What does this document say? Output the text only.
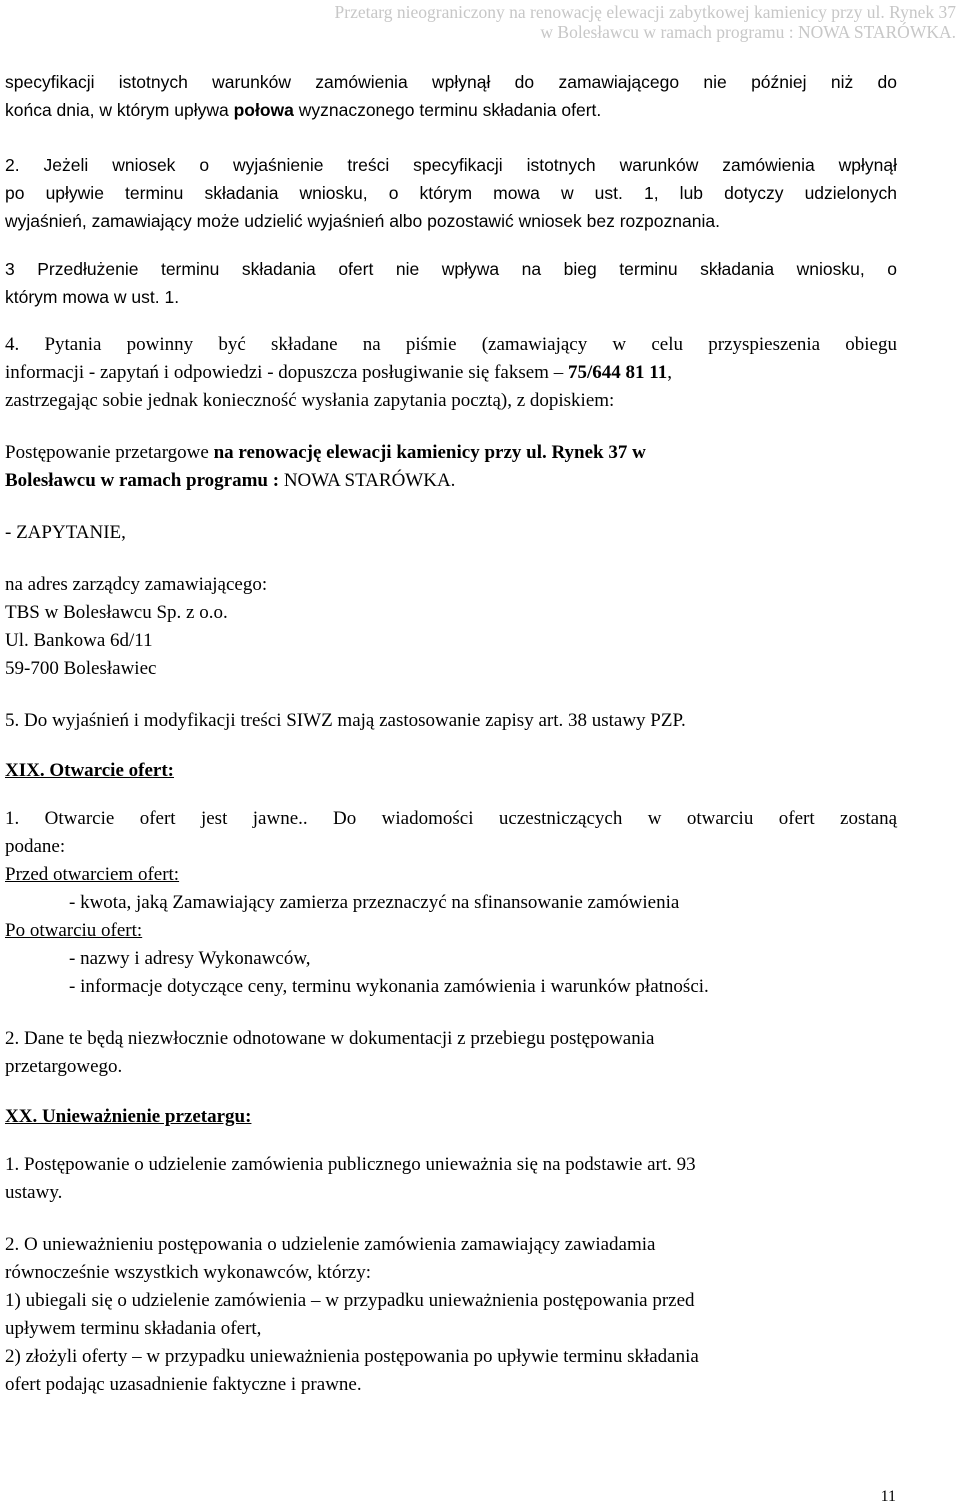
Przetarg nieograniczony na renowację elewacji zabytkowej kamienicy przy ul. Rynek 37
w Bolesławcu w ramach programu : NOWA STARÓWKA.

specyfikacji istotnych warunków zamówienia wpłynął do zamawiającego nie później niż do

końca dnia, w którym upływa połowa wyznaczonego terminu składania ofert.

2. Jeżeli wniosek o wyjaśnienie treści specyfikacji istotnych warunków zamówienia wpłynął

po upływie terminu składania wniosku, o którym mowa w ust. 1, lub dotyczy udzielonych

wyjaśnień, zamawiający może udzielić wyjaśnień albo pozostawić wniosek bez rozpoznania.

3 Przedłużenie terminu składania ofert nie wpływa na bieg terminu składania wniosku, o

którym mowa w ust. 1.

4. Pytania powinny być składane na piśmie (zamawiający w celu przyspieszenia obiegu

informacji - zapytań i odpowiedzi - dopuszcza posługiwanie się faksem – 75/644 81 11,

zastrzegając sobie jednak konieczność wysłania zapytania pocztą), z dopiskiem:

Postępowanie przetargowe na renowację elewacji kamienicy przy ul. Rynek 37 w

Bolesławcu w ramach programu : NOWA STARÓWKA.

- ZAPYTANIE,

na adres zarządcy zamawiającego:

TBS w Bolesławcu Sp. z o.o.

Ul. Bankowa 6d/11

59-700 Bolesławiec

5. Do wyjaśnień i modyfikacji treści SIWZ mają zastosowanie zapisy art. 38 ustawy PZP.

XIX. Otwarcie ofert:

1. Otwarcie ofert jest jawne.. Do wiadomości uczestniczących w otwarciu ofert zostaną

podane:

Przed otwarciem ofert:

- kwota, jaką Zamawiający zamierza przeznaczyć na sfinansowanie zamówienia

Po otwarciu ofert:

- nazwy i adresy Wykonawców,

- informacje dotyczące ceny, terminu wykonania zamówienia i warunków płatności.

2. Dane te będą niezwłocznie odnotowane w dokumentacji z przebiegu postępowania

przetargowego.

XX. Unieważnienie przetargu:

1. Postępowanie o udzielenie zamówienia publicznego unieważnia się na podstawie art. 93

ustawy.

2. O unieważnieniu postępowania o udzielenie zamówienia zamawiający zawiadamia

równocześnie wszystkich wykonawców, którzy:

1) ubiegali się o udzielenie zamówienia – w przypadku unieważnienia postępowania przed

upływem terminu składania ofert,

2) złożyli oferty – w przypadku unieważnienia postępowania po upływie terminu składania

ofert podając uzasadnienie faktyczne i prawne.

11
